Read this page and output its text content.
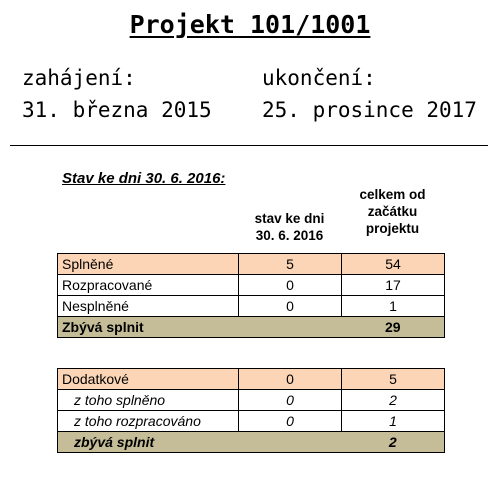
Projekt 101/1001
zahájení:
31. března 2015
ukončení:
25. prosince 2017
Stav ke dni 30. 6. 2016:
stav ke dni
30. 6. 2016
celkem od
začátku
projektu
Splněné	5	54
Rozpracované	0	17
Nesplněné	0	1
Zbývá splnit		29
Dodatkové	0	5
z toho splněno	0	2
z toho rozpracováno	0	1
zbývá splnit		2
